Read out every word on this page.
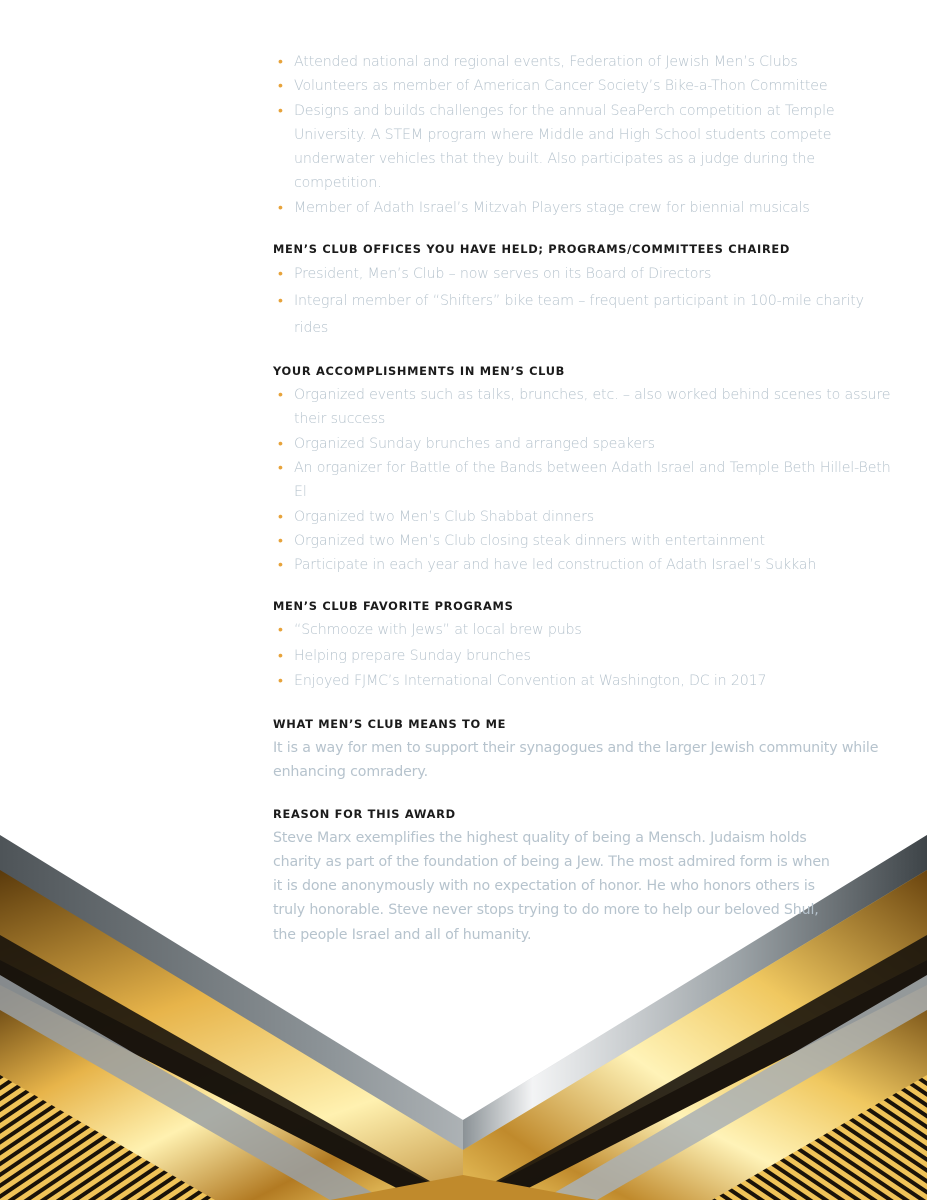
• Attended national and regional events, Federation of Jewish Men’s Clubs
• Volunteers as member of American Cancer Society’s Bike-a-Thon Committee
• Designs and builds challenges for the annual SeaPerch competition at Temple University. A STEM program where Middle and High School students compete underwater vehicles that they built. Also participates as a judge during the competition.
• Member of Adath Israel’s Mitzvah Players stage crew for biennial musicals
MEN’S CLUB OFFICES YOU HAVE HELD; PROGRAMS/COMMITTEES CHAIRED
• President, Men’s Club – now serves on its Board of Directors
• Integral member of “Shifters” bike team – frequent participant in 100-mile charity rides
YOUR ACCOMPLISHMENTS IN MEN’S CLUB
• Organized events such as talks, brunches, etc. – also worked behind scenes to assure their success
• Organized Sunday brunches and arranged speakers
• An organizer for Battle of the Bands between Adath Israel and Temple Beth Hillel-Beth El
• Organized two Men’s Club Shabbat dinners
• Organized two Men’s Club closing steak dinners with entertainment
• Participate in each year and have led construction of Adath Israel’s Sukkah
MEN’S CLUB FAVORITE PROGRAMS
• “Schmooze with Jews” at local brew pubs
• Helping prepare Sunday brunches
• Enjoyed FJMC’s International Convention at Washington, DC in 2017
WHAT MEN’S CLUB MEANS TO ME

It is a way for men to support their synagogues and the larger Jewish community while enhancing comradery.

REASON FOR THIS AWARD

Steve Marx exemplifies the highest quality of being a Mensch. Judaism holds charity as part of the foundation of being a Jew. The most admired form is when it is done anonymously with no expectation of honor. He who honors others is truly honorable. Steve never stops trying to do more to help our beloved Shul, the people Israel and all of humanity.
